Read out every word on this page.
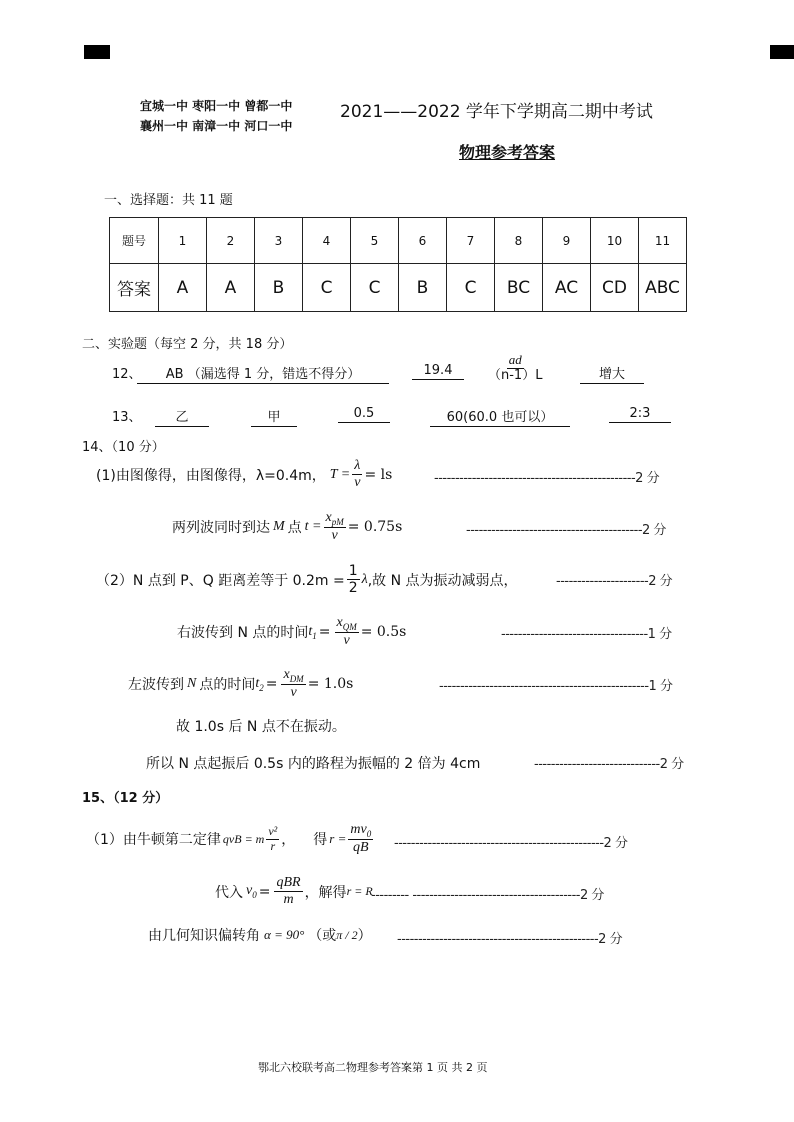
宜城一中 枣阳一中 曾都一中
襄州一中 南漳一中 河口一中
2021——2022 学年下学期高二期中考试
物理参考答案
一、选择题：共 11 题
题号	1	2	3	4	5	6	7	8	9	10	11
答案	A	A	B	C	C	B	C	BC	AC	CD	ABC
二、实验题（每空 2 分，共 18 分）
12、	AB （漏选得 1 分，错选不得分）	19.4	$\frac{ad}{(n-1)L}$	增大
13、	乙	甲	0.5	60(60.0 也可以）	2:3
14、（10 分）
(1)由图像得，由图像得，λ=0.4m， $T = \frac{\lambda}{v}$ = ls	------------------------------------------------2 分
两列波同时到达 M 点 $t = \frac{x_{pM}}{v} = 0.75s$	------------------------------------------2 分
（2）N 点到 P、Q 距离差等于 $0.2m = \frac{1}{2}$ λ ,故 N 点为振动减弱点，	----------------------2 分
右波传到 N 点的时间 $t_1 = \frac{x_{QM}}{v} = 0.5s$	-----------------------------------1 分
左波传到 N 点的时间 $t_2 = \frac{x_{DM}}{v} = 1.0s$	--------------------------------------------------1 分
故 1.0s 后 N 点不在振动。
所以 N 点起振后 0.5s 内的路程为振幅的 2 倍为 4cm	------------------------------2 分
15、（12 分）
（1）由牛顿第二定律 qvB = m $\frac{\text{v²}}{r}$ ， 得 $r = \frac{mv_0}{qB} --------------------------------------------------2$ 分
代入 $v_0 = \frac{\text{qBR}}{m}$ ，解得 r = R
--------- ----------------------------------------2 分
由几何知识偏转角 α = 90° （或 π / 2 ） ------------------------------------------------2 分
鄂北六校联考高二物理参考答案第 1 页 共 2 页
